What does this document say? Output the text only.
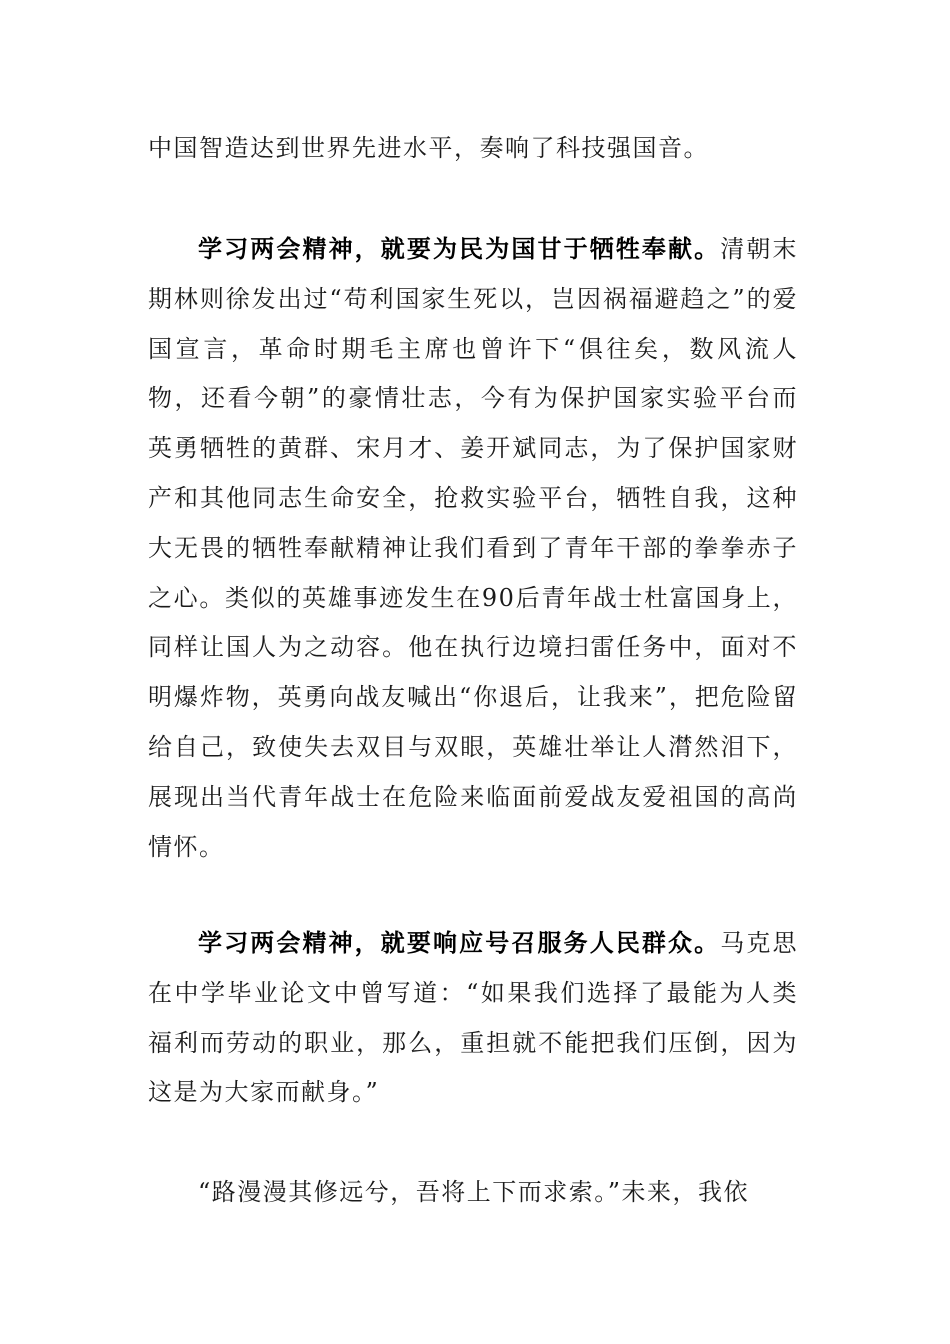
中国智造达到世界先进水平，奏响了科技强国音。

学习两会精神，就要为民为国甘于牺牲奉献。清朝末期林则徐发出过“苟利国家生死以，岂因祸福避趋之”的爱国宣言，革命时期毛主席也曾许下“俱往矣，数风流人物，还看今朝”的豪情壮志，今有为保护国家实验平台而英勇牺牲的黄群、宋月才、姜开斌同志，为了保护国家财产和其他同志生命安全，抢救实验平台，牺牲自我，这种大无畏的牺牲奉献精神让我们看到了青年干部的拳拳赤子之心。类似的英雄事迹发生在90后青年战士杜富国身上，同样让国人为之动容。他在执行边境扫雷任务中，面对不明爆炸物，英勇向战友喊出“你退后，让我来”，把危险留给自己，致使失去双目与双眼，英雄壮举让人潸然泪下，展现出当代青年战士在危险来临面前爱战友爱祖国的高尚情怀。

学习两会精神，就要响应号召服务人民群众。马克思在中学毕业论文中曾写道：“如果我们选择了最能为人类福利而劳动的职业，那么，重担就不能把我们压倒，因为这是为大家而献身。”

“路漫漫其修远兮，吾将上下而求索。”未来，我依
